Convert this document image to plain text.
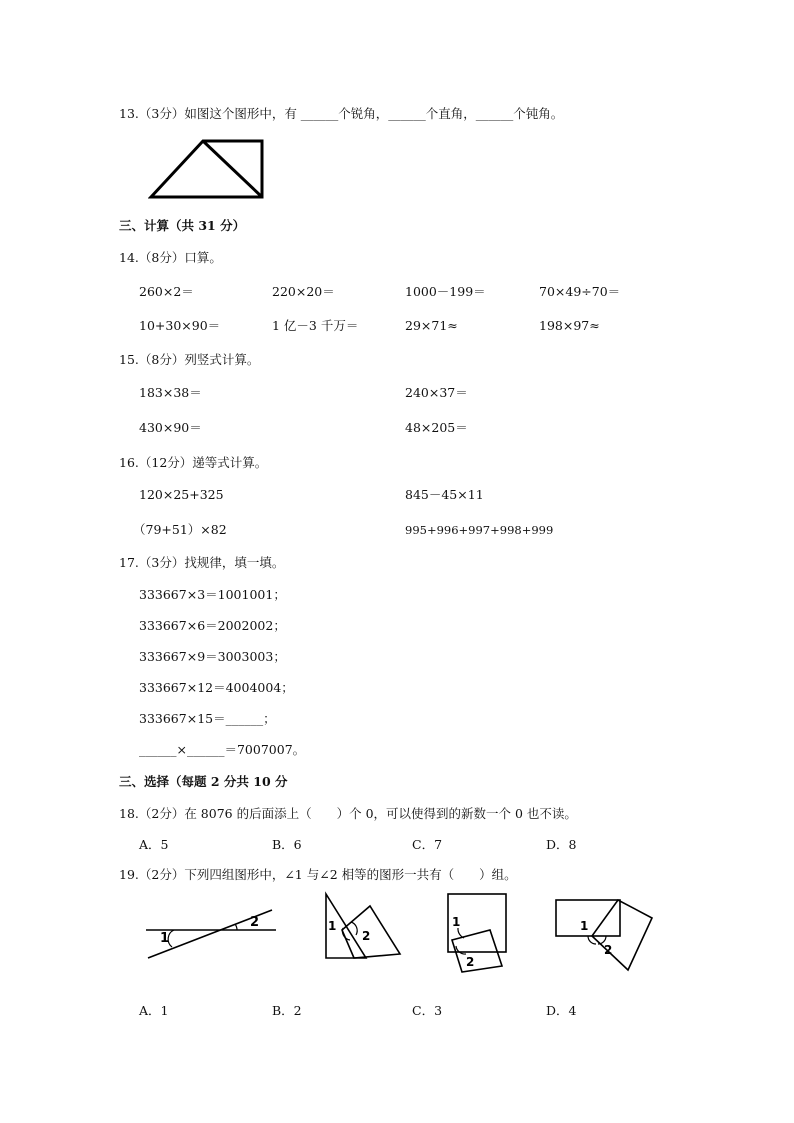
13.（3分）如图这个图形中，有 ______个锐角，______个直角，______个钝角。
三、计算（共 31 分）
14.（8分）口算。
260×2＝	220×20＝	1000－199＝	70×49÷70＝
10+30×90＝	1 亿－3 千万＝	29×71≈	198×97≈
15.（8分）列竖式计算。
183×38＝	240×37＝
430×90＝	48×205＝
16.（12分）递等式计算。
120×25+325	845－45×11
（79+51）×82	995+996+997+998+999
17.（3分）找规律，填一填。
333667×3＝1001001；
333667×6＝2002002；
333667×9＝3003003；
333667×12＝4004004；
333667×15＝______；
______×______＝7007007。
三、选择（每题 2 分共 10 分
18.（2分）在 8076 的后面添上（　　）个 0，可以使得到的新数一个 0 也不读。
A．5	B．6	C．7	D．8
19.（2分）下列四组图形中，∠1 与∠2 相等的图形一共有（　　）组。
1
2	1
2
1
2
1
2
A．1	B．2	C．3	D．4
